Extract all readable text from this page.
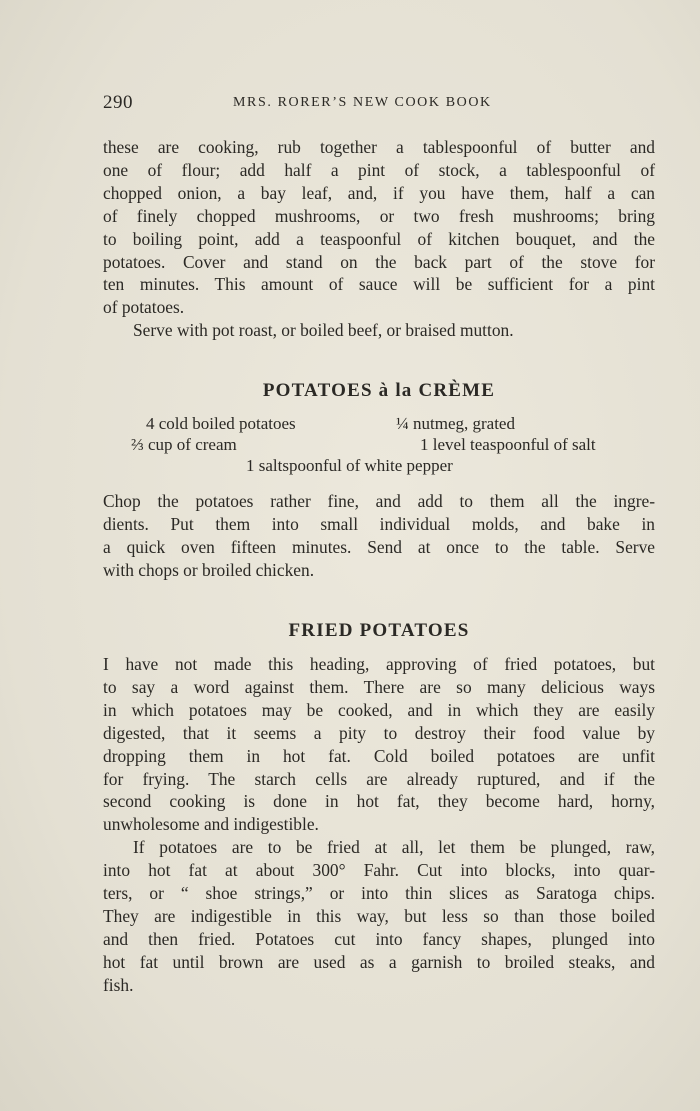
290	MRS. RORER’S NEW COOK BOOK

these are cooking, rub together a tablespoonful of butter and

one of flour; add half a pint of stock, a tablespoonful of

chopped onion, a bay leaf, and, if you have them, half a can

of finely chopped mushrooms, or two fresh mushrooms; bring

to boiling point, add a teaspoonful of kitchen bouquet, and the

potatoes. Cover and stand on the back part of the stove for

ten minutes. This amount of sauce will be sufficient for a pint

of potatoes.

Serve with pot roast, or boiled beef, or braised mutton.

POTATOES à la CRÈME
4 cold boiled potatoes	¼ nutmeg, grated
⅔ cup of cream	1 level teaspoonful of salt
1 saltspoonful of white pepper

Chop the potatoes rather fine, and add to them all the ingre-

dients. Put them into small individual molds, and bake in

a quick oven fifteen minutes. Send at once to the table. Serve

with chops or broiled chicken.

FRIED POTATOES

I have not made this heading, approving of fried potatoes, but

to say a word against them. There are so many delicious ways

in which potatoes may be cooked, and in which they are easily

digested, that it seems a pity to destroy their food value by

dropping them in hot fat. Cold boiled potatoes are unfit

for frying. The starch cells are already ruptured, and if the

second cooking is done in hot fat, they become hard, horny,

unwholesome and indigestible.

If potatoes are to be fried at all, let them be plunged, raw,

into hot fat at about 300° Fahr. Cut into blocks, into quar-

ters, or “ shoe strings,” or into thin slices as Saratoga chips.

They are indigestible in this way, but less so than those boiled

and then fried. Potatoes cut into fancy shapes, plunged into

hot fat until brown are used as a garnish to broiled steaks, and

fish.
